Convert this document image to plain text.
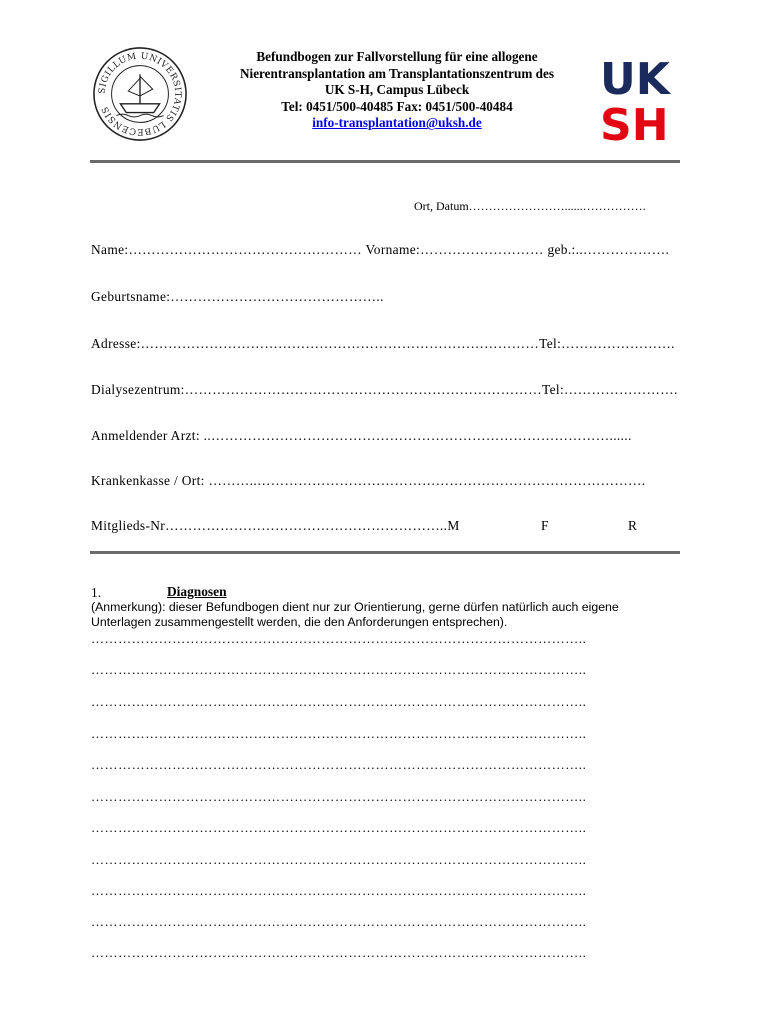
SIGILLUM UNIVERSITATIS LUBECENSIS
Befundbogen zur Fallvorstellung für eine allogene
Nierentransplantation am Transplantationszentrum des
UK S-H, Campus Lübeck
Tel: 0451/500-40485 Fax: 0451/500-40484
info-transplantation@uksh.de
UK
SH
Ort, Datum……………………......…………….
Name:…………………………………………… Vorname:……………………… geb.:..……………….
Geburtsname:………………………………………..
Adresse:……………………………………………………………………………Tel:…………………….
Dialysezentrum:……………………………………………………………………Tel:…………………….
Anmeldender Arzt: ..……………………………………………………………………………......
Krankenkasse / Ort: ………..………………………………………………………………………….
Mitglieds-Nr……………………………………………………..M	F	R
1.	Diagnosen
(Anmerkung): dieser Befundbogen dient nur zur Orientierung, gerne dürfen natürlich auch eigene
Unterlagen zusammengestellt werden, die den Anforderungen entsprechen).
………………………………………………………………………………………………..
………………………………………………………………………………………………..
………………………………………………………………………………………………..
………………………………………………………………………………………………..
………………………………………………………………………………………………..
………………………………………………………………………………………………..
………………………………………………………………………………………………..
………………………………………………………………………………………………..
………………………………………………………………………………………………..
………………………………………………………………………………………………..
………………………………………………………………………………………………..
